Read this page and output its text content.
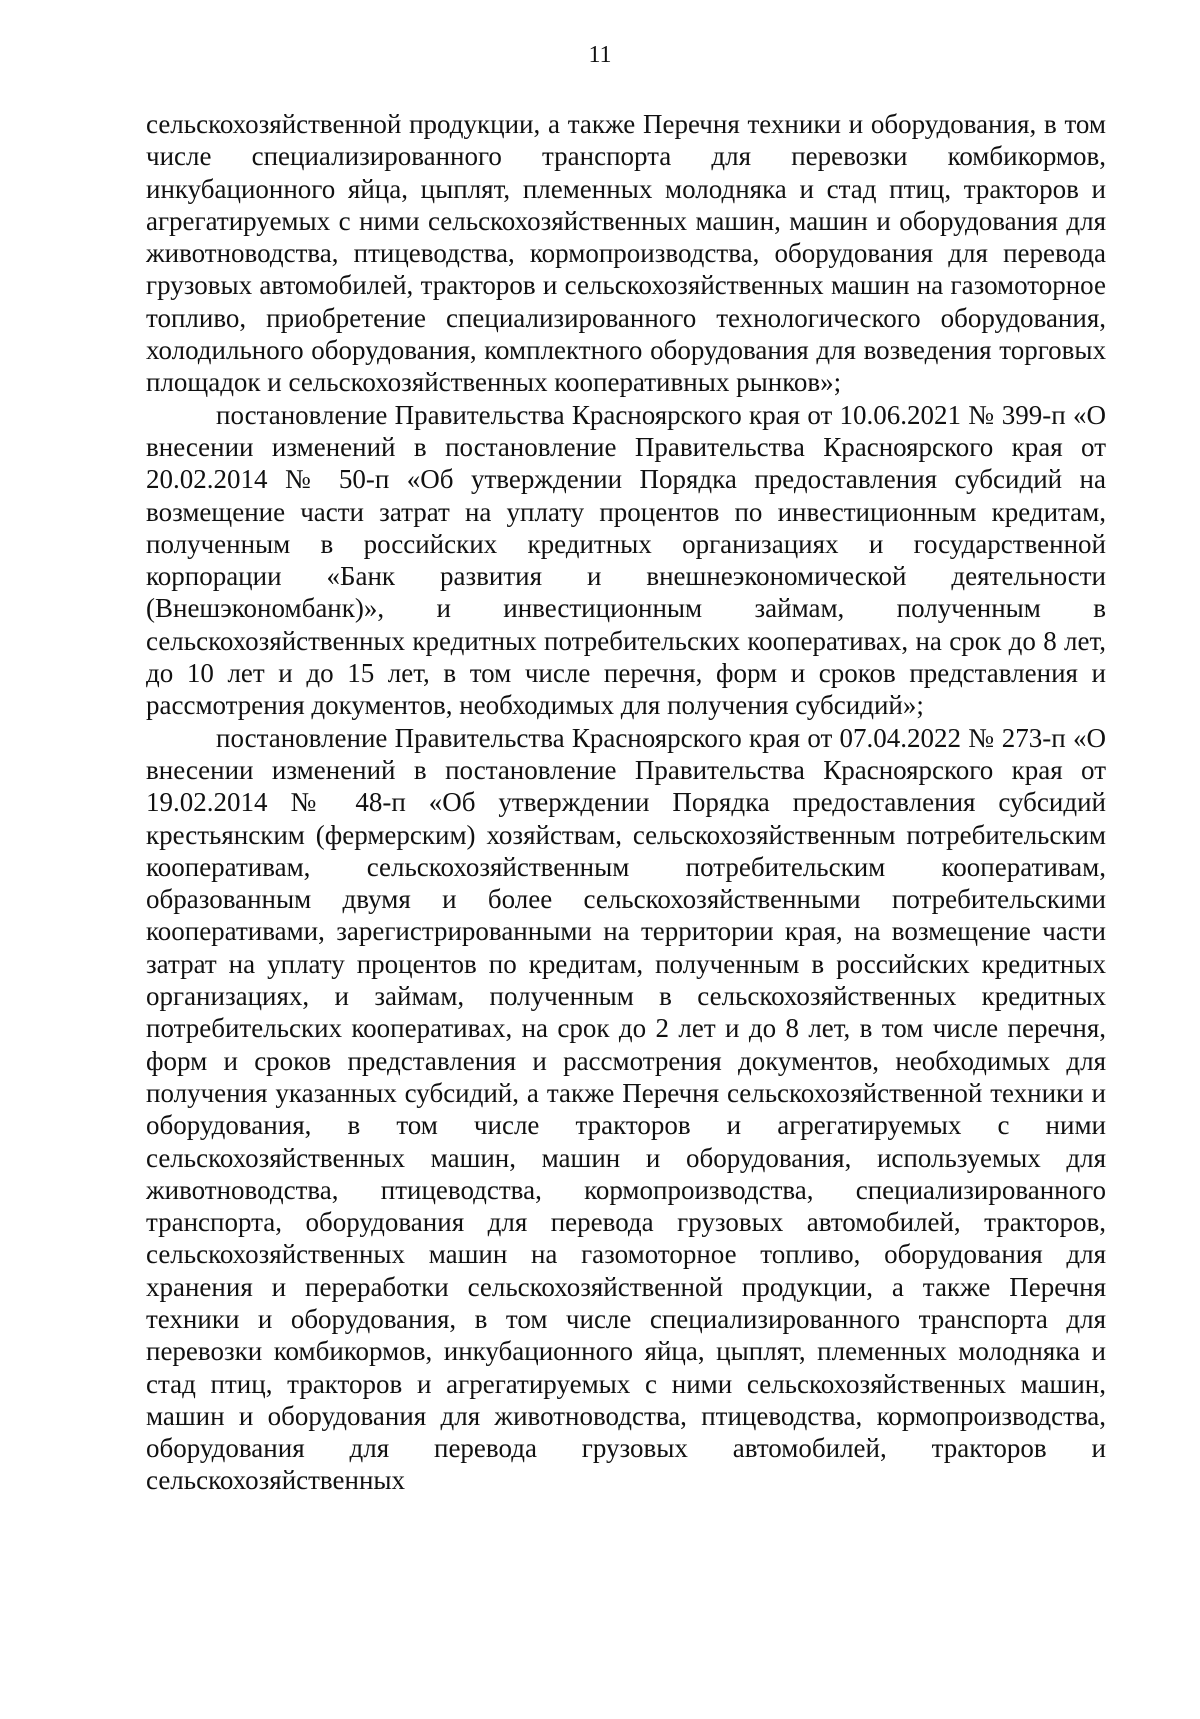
11

сельскохозяйственной продукции, а также Перечня техники и оборудования, в том числе специализированного транспорта для перевозки комбикормов, инкубационного яйца, цыплят, племенных молодняка и стад птиц, тракторов и агрегатируемых с ними сельскохозяйственных машин, машин и оборудования для животноводства, птицеводства, кормопроизводства, оборудования для перевода грузовых автомобилей, тракторов и сельскохозяйственных машин на газомоторное топливо, приобретение специализированного технологического оборудования, холодильного оборудования, комплектного оборудования для возведения торговых площадок и сельскохозяйственных кооперативных рынков»;

постановление Правительства Красноярского края от 10.06.2021 № 399-п «О внесении изменений в постановление Правительства Красноярского края от 20.02.2014 № 50-п «Об утверждении Порядка предоставления субсидий на возмещение части затрат на уплату процентов по инвестиционным кредитам, полученным в российских кредитных организациях и государственной корпорации «Банк развития и внешнеэкономической деятельности (Внешэкономбанк)», и инвестиционным займам, полученным в сельскохозяйственных кредитных потребительских кооперативах, на срок до 8 лет, до 10 лет и до 15 лет, в том числе перечня, форм и сроков представления и рассмотрения документов, необходимых для получения субсидий»;

постановление Правительства Красноярского края от 07.04.2022 № 273-п «О внесении изменений в постановление Правительства Красноярского края от 19.02.2014 № 48-п «Об утверждении Порядка предоставления субсидий крестьянским (фермерским) хозяйствам, сельскохозяйственным потребительским кооперативам, сельскохозяйственным потребительским кооперативам, образованным двумя и более сельскохозяйственными потребительскими кооперативами, зарегистрированными на территории края, на возмещение части затрат на уплату процентов по кредитам, полученным в российских кредитных организациях, и займам, полученным в сельскохозяйственных кредитных потребительских кооперативах, на срок до 2 лет и до 8 лет, в том числе перечня, форм и сроков представления и рассмотрения документов, необходимых для получения указанных субсидий, а также Перечня сельскохозяйственной техники и оборудования, в том числе тракторов и агрегатируемых с ними сельскохозяйственных машин, машин и оборудования, используемых для животноводства, птицеводства, кормопроизводства, специализированного транспорта, оборудования для перевода грузовых автомобилей, тракторов, сельскохозяйственных машин на газомоторное топливо, оборудования для хранения и переработки сельскохозяйственной продукции, а также Перечня техники и оборудования, в том числе специализированного транспорта для перевозки комбикормов, инкубационного яйца, цыплят, племенных молодняка и стад птиц, тракторов и агрегатируемых с ними сельскохозяйственных машин, машин и оборудования для животноводства, птицеводства, кормопроизводства, оборудования для перевода грузовых автомобилей, тракторов и сельскохозяйственных
